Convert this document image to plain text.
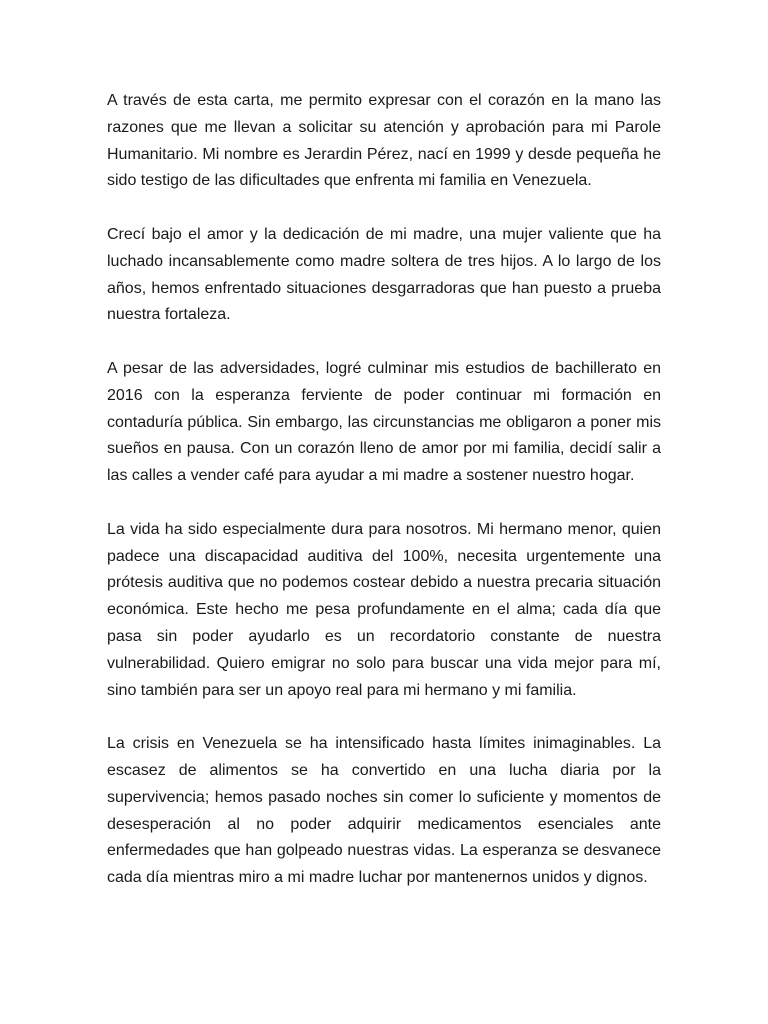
A través de esta carta, me permito expresar con el corazón en la mano las razones que me llevan a solicitar su atención y aprobación para mi Parole Humanitario. Mi nombre es Jerardin Pérez, nací en 1999 y desde pequeña he sido testigo de las dificultades que enfrenta mi familia en Venezuela.

Crecí bajo el amor y la dedicación de mi madre, una mujer valiente que ha luchado incansablemente como madre soltera de tres hijos. A lo largo de los años, hemos enfrentado situaciones desgarradoras que han puesto a prueba nuestra fortaleza.

A pesar de las adversidades, logré culminar mis estudios de bachillerato en 2016 con la esperanza ferviente de poder continuar mi formación en contaduría pública. Sin embargo, las circunstancias me obligaron a poner mis sueños en pausa. Con un corazón lleno de amor por mi familia, decidí salir a las calles a vender café para ayudar a mi madre a sostener nuestro hogar.

La vida ha sido especialmente dura para nosotros. Mi hermano menor, quien padece una discapacidad auditiva del 100%, necesita urgentemente una prótesis auditiva que no podemos costear debido a nuestra precaria situación económica. Este hecho me pesa profundamente en el alma; cada día que pasa sin poder ayudarlo es un recordatorio constante de nuestra vulnerabilidad. Quiero emigrar no solo para buscar una vida mejor para mí, sino también para ser un apoyo real para mi hermano y mi familia.

La crisis en Venezuela se ha intensificado hasta límites inimaginables. La escasez de alimentos se ha convertido en una lucha diaria por la supervivencia; hemos pasado noches sin comer lo suficiente y momentos de desesperación al no poder adquirir medicamentos esenciales ante enfermedades que han golpeado nuestras vidas. La esperanza se desvanece cada día mientras miro a mi madre luchar por mantenernos unidos y dignos.
